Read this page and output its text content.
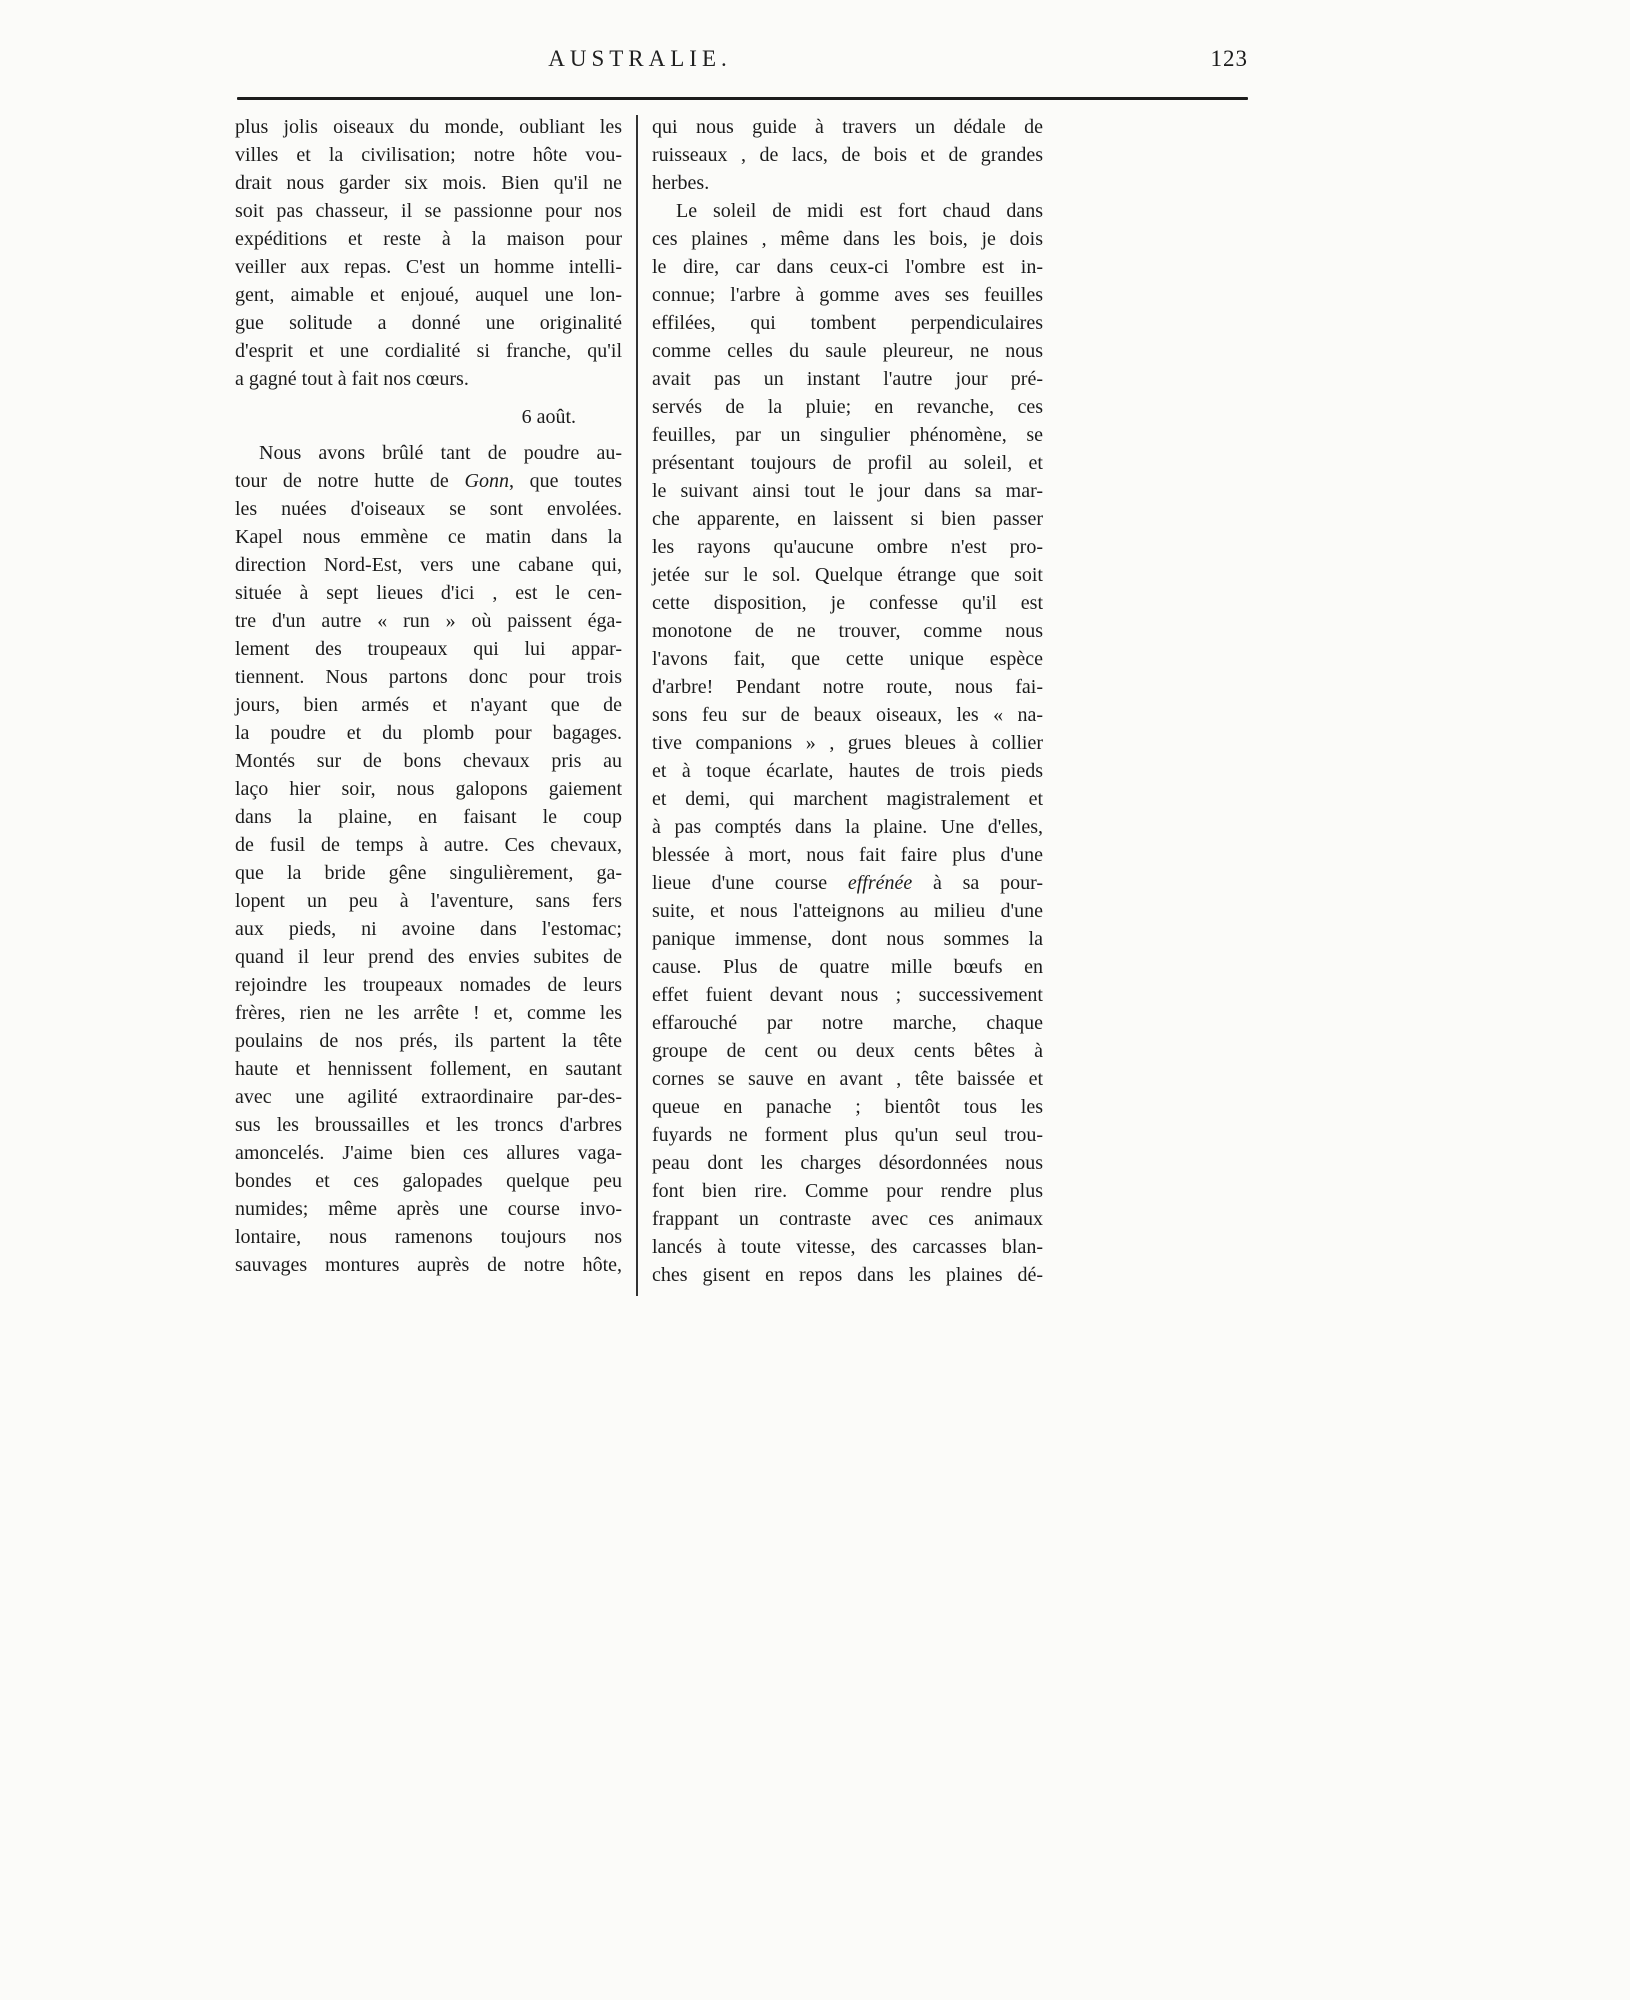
AUSTRALIE.	123
plus jolis oiseaux du monde, oubliant les
villes et la civilisation; notre hôte vou-
drait nous garder six mois. Bien qu'il ne
soit pas chasseur, il se passionne pour nos
expéditions et reste à la maison pour
veiller aux repas. C'est un homme intelli-
gent, aimable et enjoué, auquel une lon-
gue solitude a donné une originalité
d'esprit et une cordialité si franche, qu'il
a gagné tout à fait nos cœurs.
6 août.
Nous avons brûlé tant de poudre au-
tour de notre hutte de Gonn, que toutes
les nuées d'oiseaux se sont envolées.
Kapel nous emmène ce matin dans la
direction Nord-Est, vers une cabane qui,
située à sept lieues d'ici , est le cen-
tre d'un autre « run » où paissent éga-
lement des troupeaux qui lui appar-
tiennent. Nous partons donc pour trois
jours, bien armés et n'ayant que de
la poudre et du plomb pour bagages.
Montés sur de bons chevaux pris au
laço hier soir, nous galopons gaiement
dans la plaine, en faisant le coup
de fusil de temps à autre. Ces chevaux,
que la bride gêne singulièrement, ga-
lopent un peu à l'aventure, sans fers
aux pieds, ni avoine dans l'estomac;
quand il leur prend des envies subites de
rejoindre les troupeaux nomades de leurs
frères, rien ne les arrête ! et, comme les
poulains de nos prés, ils partent la tête
haute et hennissent follement, en sautant
avec une agilité extraordinaire par-des-
sus les broussailles et les troncs d'arbres
amoncelés. J'aime bien ces allures vaga-
bondes et ces galopades quelque peu
numides; même après une course invo-
lontaire, nous ramenons toujours nos
sauvages montures auprès de notre hôte,
qui nous guide à travers un dédale de
ruisseaux , de lacs, de bois et de grandes
herbes.
Le soleil de midi est fort chaud dans
ces plaines , même dans les bois, je dois
le dire, car dans ceux-ci l'ombre est in-
connue; l'arbre à gomme aves ses feuilles
effilées, qui tombent perpendiculaires
comme celles du saule pleureur, ne nous
avait pas un instant l'autre jour pré-
servés de la pluie; en revanche, ces
feuilles, par un singulier phénomène, se
présentant toujours de profil au soleil, et
le suivant ainsi tout le jour dans sa mar-
che apparente, en laissent si bien passer
les rayons qu'aucune ombre n'est pro-
jetée sur le sol. Quelque étrange que soit
cette disposition, je confesse qu'il est
monotone de ne trouver, comme nous
l'avons fait, que cette unique espèce
d'arbre! Pendant notre route, nous fai-
sons feu sur de beaux oiseaux, les « na-
tive companions » , grues bleues à collier
et à toque écarlate, hautes de trois pieds
et demi, qui marchent magistralement et
à pas comptés dans la plaine. Une d'elles,
blessée à mort, nous fait faire plus d'une
lieue d'une course effrénée à sa pour-
suite, et nous l'atteignons au milieu d'une
panique immense, dont nous sommes la
cause. Plus de quatre mille bœufs en
effet fuient devant nous ; successivement
effarouché par notre marche, chaque
groupe de cent ou deux cents bêtes à
cornes se sauve en avant , tête baissée et
queue en panache ; bientôt tous les
fuyards ne forment plus qu'un seul trou-
peau dont les charges désordonnées nous
font bien rire. Comme pour rendre plus
frappant un contraste avec ces animaux
lancés à toute vitesse, des carcasses blan-
ches gisent en repos dans les plaines dé-
